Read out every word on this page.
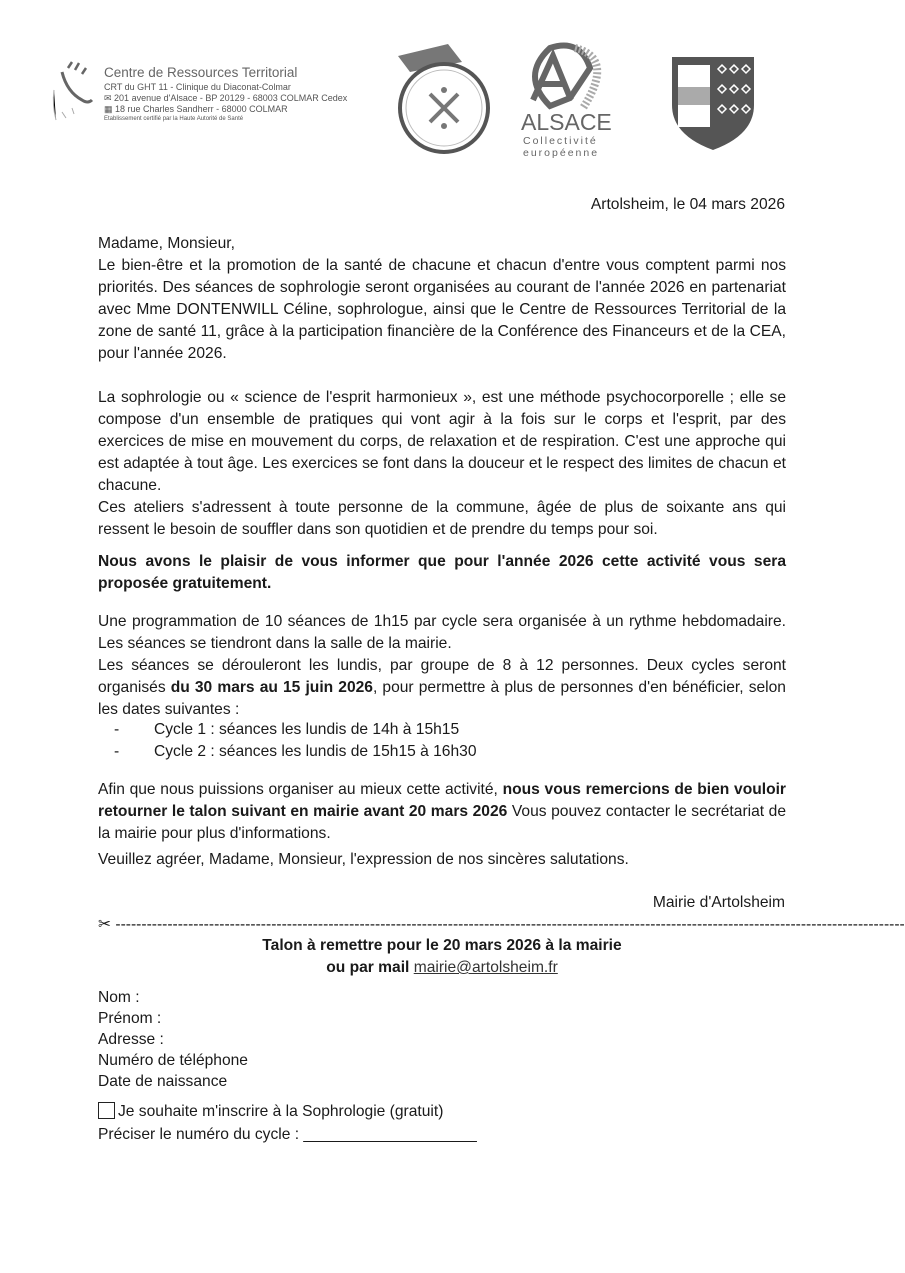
Centre de Ressources Territorial
CRT du GHT 11 - Clinique du Diaconat-Colmar
✉ 201 avenue d'Alsace - BP 20129 - 68003 COLMAR Cedex
▦ 18 rue Charles Sandherr - 68000 COLMAR
Etablissement certifié par la Haute Autorité de Santé	ALSACE
Collectivité
européenne
Artolsheim, le 04 mars 2026
Madame, Monsieur,

Le bien-être et la promotion de la santé de chacune et chacun d'entre vous comptent parmi nos priorités. Des séances de sophrologie seront organisées au courant de l'année 2026 en partenariat avec Mme DONTENWILL Céline, sophrologue, ainsi que le Centre de Ressources Territorial de la zone de santé 11, grâce à la participation financière de la Conférence des Financeurs et de la CEA, pour l'année 2026.

La sophrologie ou « science de l'esprit harmonieux », est une méthode psychocorporelle ; elle se compose d'un ensemble de pratiques qui vont agir à la fois sur le corps et l'esprit, par des exercices de mise en mouvement du corps, de relaxation et de respiration. C'est une approche qui est adaptée à tout âge. Les exercices se font dans la douceur et le respect des limites de chacun et chacune.

Ces ateliers s'adressent à toute personne de la commune, âgée de plus de soixante ans qui ressent le besoin de souffler dans son quotidien et de prendre du temps pour soi.

Nous avons le plaisir de vous informer que pour l'année 2026 cette activité vous sera proposée gratuitement.

Une programmation de 10 séances de 1h15 par cycle sera organisée à un rythme hebdomadaire. Les séances se tiendront dans la salle de la mairie.

Les séances se dérouleront les lundis, par groupe de 8 à 12 personnes. Deux cycles seront organisés du 30 mars au 15 juin 2026, pour permettre à plus de personnes d'en bénéficier, selon les dates suivantes :

- Cycle 1 : séances les lundis de 14h à 15h15
- Cycle 2 : séances les lundis de 15h15 à 16h30

Afin que nous puissions organiser au mieux cette activité, nous vous remercions de bien vouloir retourner le talon suivant en mairie avant 20 mars 2026 Vous pouvez contacter le secrétariat de la mairie pour plus d'informations.

Veuillez agréer, Madame, Monsieur, l'expression de nos sincères salutations.
Mairie d'Artolsheim
✂ --------------------------------------------------------------------------------------------------------------------------------------------------------
Talon à remettre pour le 20 mars 2026 à la mairie
ou par mail mairie@artolsheim.fr
Nom :
Prénom :
Adresse :
Numéro de téléphone
Date de naissance
Je souhaite m'inscrire à la Sophrologie (gratuit)
Préciser le numéro du cycle : ____________________
